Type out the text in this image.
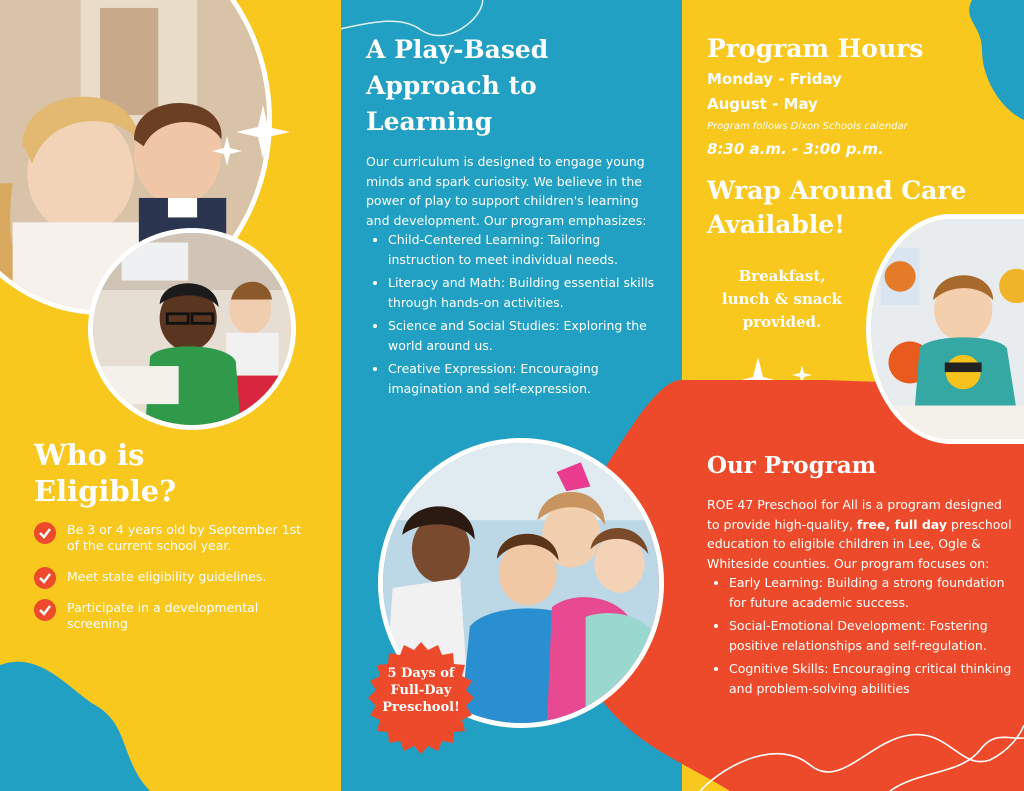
Who is
Eligible?
Be 3 or 4 years old by September 1st
of the current school year.
Meet state eligibility guidelines.
Participate in a developmental
screening
A Play-Based
Approach to
Learning
Our curriculum is designed to engage young minds and spark curiosity. We believe in the power of play to support children's learning and development. Our program emphasizes:
• Child-Centered Learning: Tailoring instruction to meet individual needs.
• Literacy and Math: Building essential skills through hands-on activities.
• Science and Social Studies: Exploring the world around us.
• Creative Expression: Encouraging imagination and self-expression.
Program Hours
Monday - Friday
August - May
Program follows Dixon Schools calendar
8:30 a.m. - 3:00 p.m.
Wrap Around Care
Available!
Breakfast,
lunch & snack
provided.
5 Days of
Full-Day
Preschool!
Our Program
ROE 47 Preschool for All is a program designed to provide high-quality, free, full day preschool education to eligible children in Lee, Ogle & Whiteside counties. Our program focuses on:
• Early Learning: Building a strong foundation for future academic success.
• Social-Emotional Development: Fostering positive relationships and self-regulation.
• Cognitive Skills: Encouraging critical thinking and problem-solving abilities
